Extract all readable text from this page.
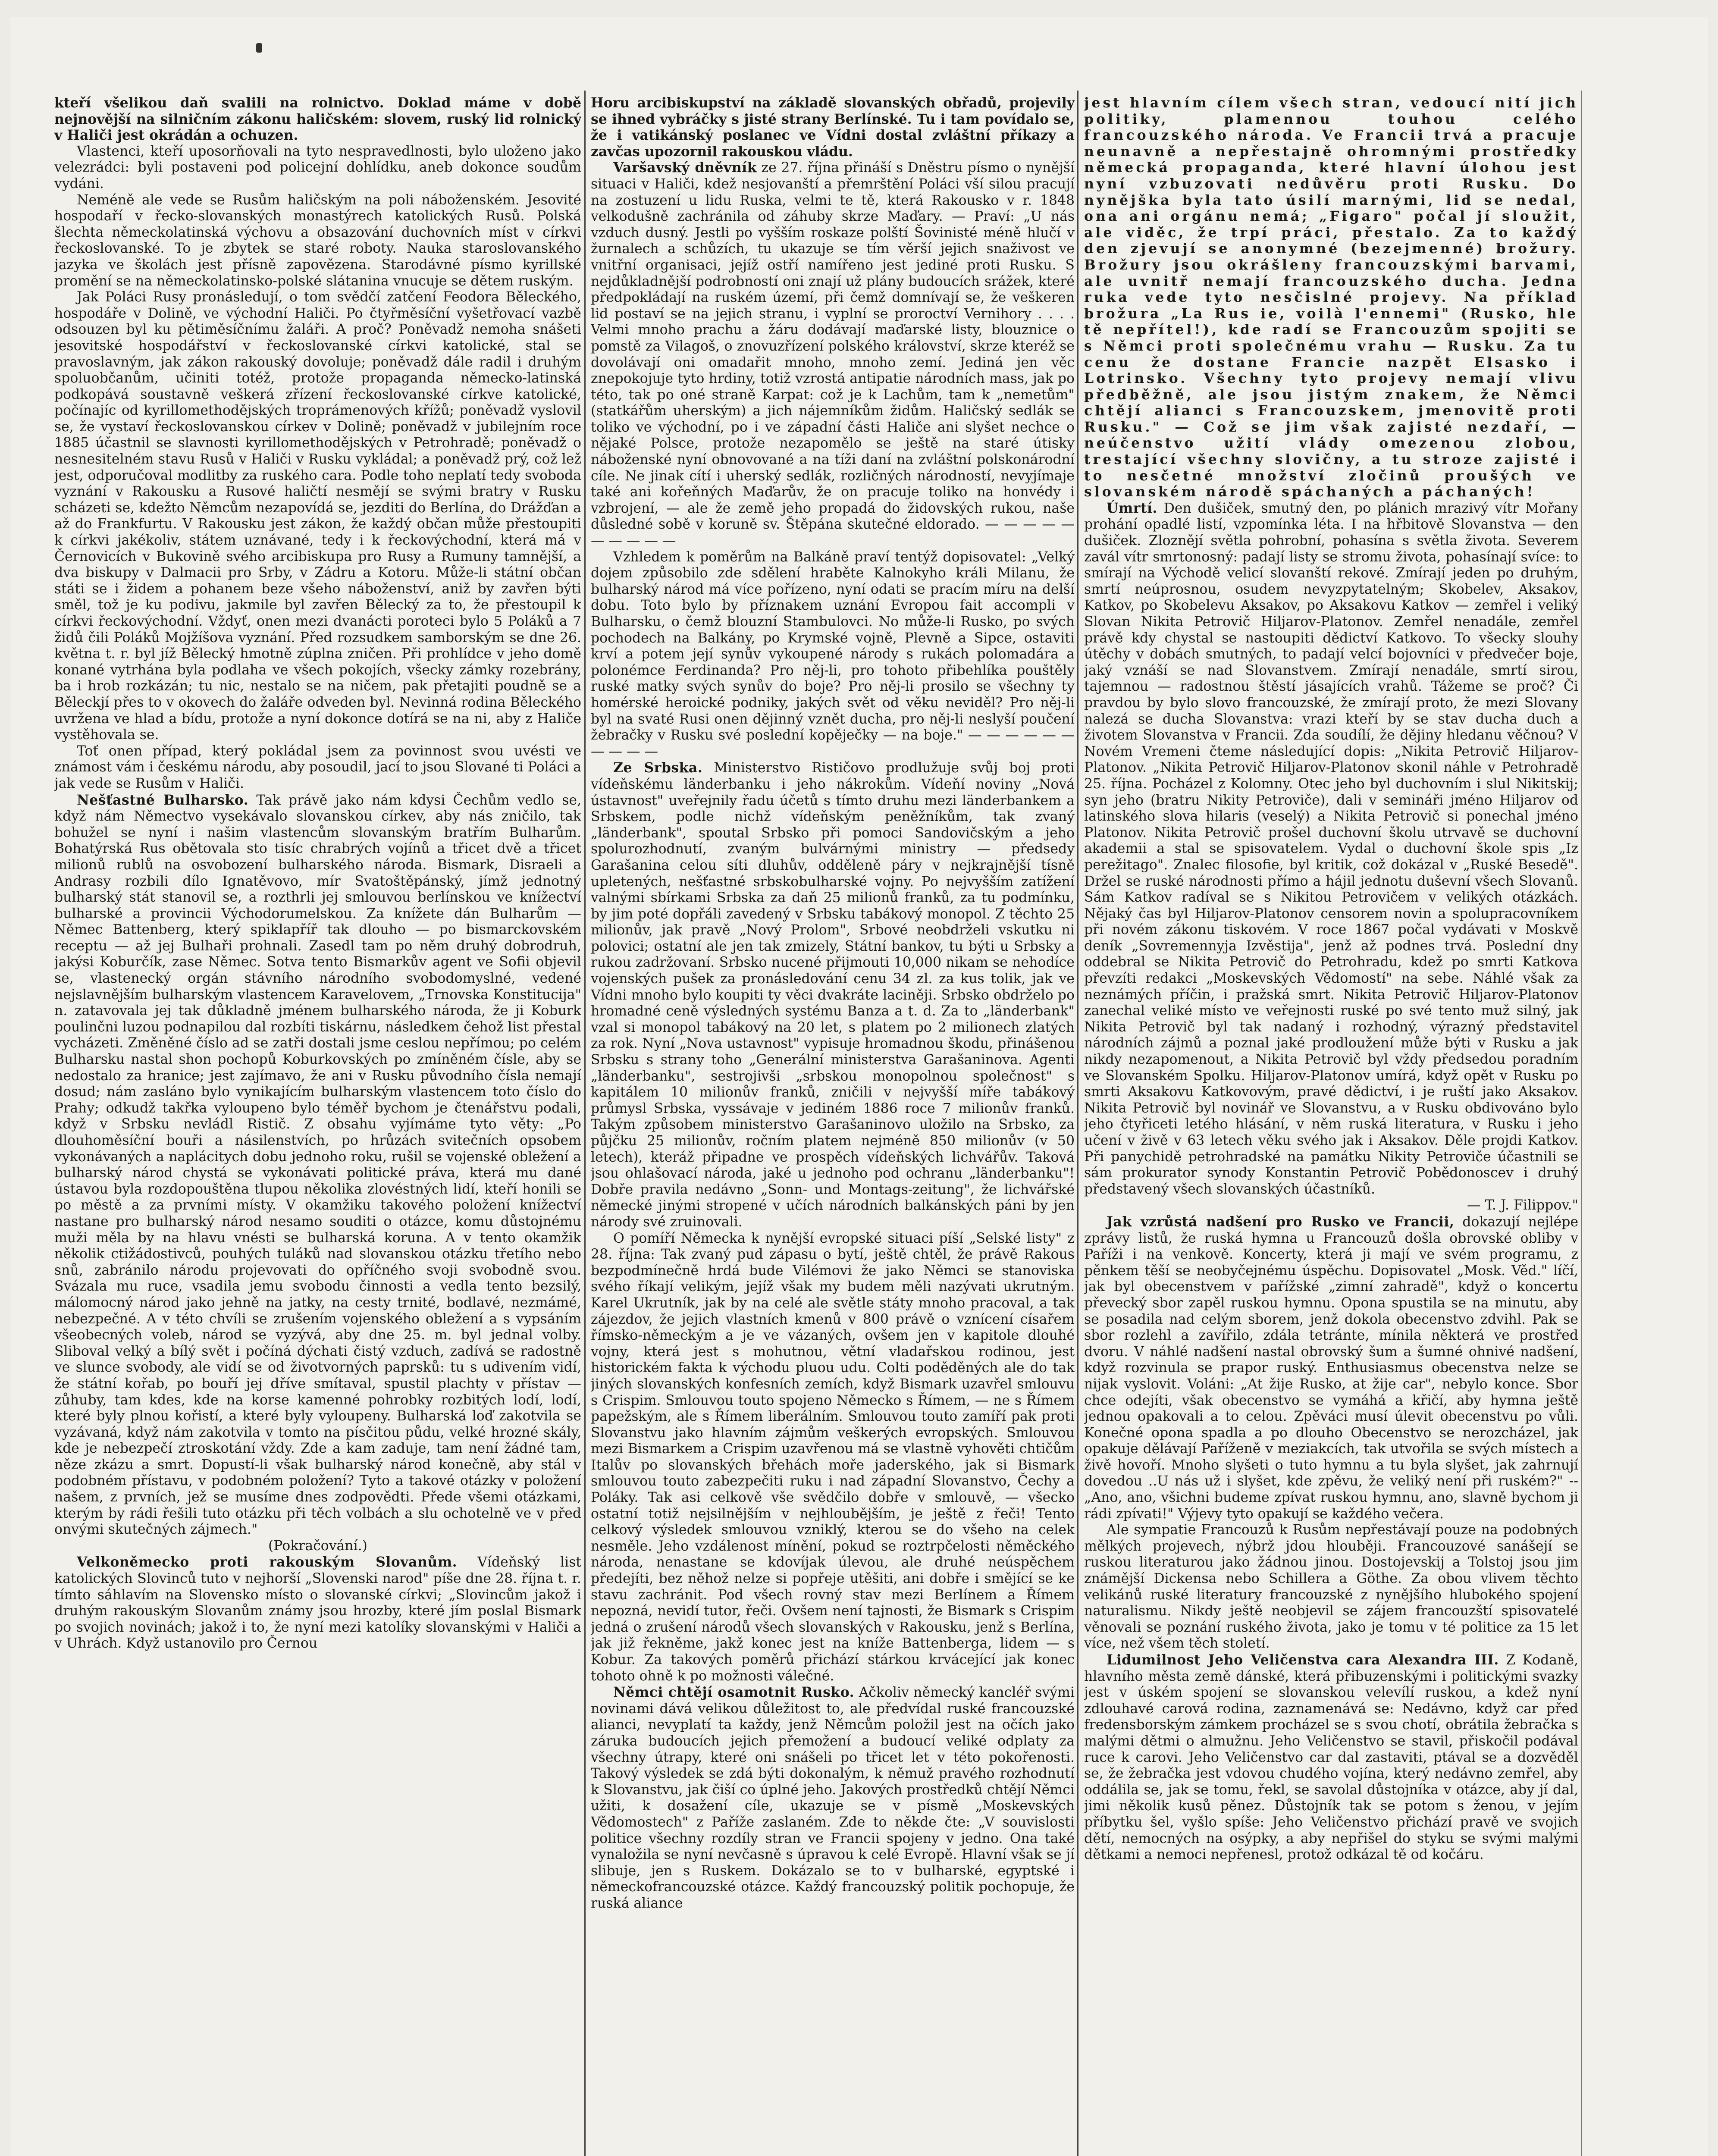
kteří všelikou daň svalili na rolnictvo. Doklad máme v době nejnovější na silničním zákonu haličském: slovem, ruský lid rolnický v Haliči jest okrádán a ochuzen.

Vlastenci, kteří uposorňovali na tyto nespravedlnosti, bylo uloženo jako velezrádci: byli postaveni pod policejní dohlídku, aneb dokonce soudům vydáni.

Neméně ale vede se Rusům haličským na poli náboženském. Jesovité hospodaří v řecko-slovanských monastýrech katolických Rusů. Polská šlechta německolatinská výchovu a obsazování duchovních míst v církvi řeckoslovanské. To je zbytek se staré roboty. Nauka staroslovanského jazyka ve školách jest přísně zapovězena. Starodávné písmo kyrillské promění se na německolatinsko-polské slátanina vnucuje se dětem ruským.

Jak Poláci Rusy pronásledují, o tom svědčí zatčení Feodora Běleckého, hospodáře v Dolině, ve východní Haliči. Po čtyřměsíční vyšetřovací vazbě odsouzen byl ku pětiměsíčnímu žaláři. A proč? Poněvadž nemoha snášeti jesovitské hospodářství v řeckoslovanské církvi katolické, stal se pravoslavným, jak zákon rakouský dovoluje; poněvadž dále radil i druhým spoluobčanům, učiniti totéž, protože propaganda německo-latinská podkopává soustavně veškerá zřízení řeckoslovanské církve katolické, počínajíc od kyrillomethodějských troprámenových křížů; poněvadž vyslovil se, že vystaví řeckoslovanskou církev v Dolině; poněvadž v jubilejním roce 1885 účastnil se slavnosti kyrillomethodějských v Petrohradě; poněvadž o nesnesitelném stavu Rusů v Haliči v Rusku vykládal; a poněvadž prý, což lež jest, odporučoval modlitby za ruského cara. Podle toho neplatí tedy svoboda vyznání v Rakousku a Rusové haličtí nesmějí se svými bratry v Rusku scházeti se, kdežto Němcům nezapovídá se, jezditi do Berlína, do Drážďan a až do Frankfurtu. V Rakousku jest zákon, že každý občan může přestoupiti k církvi jakékoliv, státem uznávané, tedy i k řeckovýchodní, která má v Černovicích v Bukovině svého arcibiskupa pro Rusy a Rumuny tamnější, a dva biskupy v Dalmacii pro Srby, v Zádru a Kotoru. Může-li státní občan státi se i židem a pohanem beze všeho náboženství, aniž by zavřen býti směl, tož je ku podivu, jakmile byl zavřen Bělecký za to, že přestoupil k církvi řeckovýchodní. Vždyť, onen mezi dvanácti poroteci bylo 5 Poláků a 7 židů čili Poláků Mojžíšova vyznání. Před rozsudkem samborským se dne 26. května t. r. byl jíž Bělecký hmotně zúplna zničen. Při prohlídce v jeho domě konané vytrhána byla podlaha ve všech pokojích, všecky zámky rozebrány, ba i hrob rozkázán; tu nic, nestalo se na ničem, pak přetajiti poudně se a Běleckjí přes to v okovech do žaláře odveden byl. Nevinná rodina Běleckého uvržena ve hlad a bídu, protože a nyní dokonce dotírá se na ni, aby z Haliče vystěhovala se.

Toť onen případ, který pokládal jsem za povinnost svou uvésti ve známost vám i českému národu, aby posoudil, jací to jsou Slované ti Poláci a jak vede se Rusům v Haliči.

Nešťastné Bulharsko. Tak právě jako nám kdysi Čechům vedlo se, když nám Němectvo vysekávalo slovanskou církev, aby nás zničilo, tak bohužel se nyní i našim vlastencům slovanským bratřím Bulharům. Bohatýrská Rus obětovala sto tisíc chrabrých vojínů a třicet dvě a třicet milionů rublů na osvobození bulharského národa. Bismark, Disraeli a Andrasy rozbili dílo Ignatěvovo, mír Svatoštěpánský, jímž jednotný bulharský stát stanovil se, a rozthrli jej smlouvou berlínskou ve knížectví bulharské a provincii Východorumelskou. Za knížete dán Bulharům — Němec Battenberg, který spiklapříř tak dlouho — po bismarckovském receptu — až jej Bulhaři prohnali. Zasedl tam po něm druhý dobrodruh, jakýsi Koburčík, zase Němec. Sotva tento Bismarkův agent ve Sofii objevil se, vlastenecký orgán stávního národního svobodomyslné, vedené nejslavnějším bulharským vlastencem Karavelovem, „Trnovska Konstitucija" n. zatavovala jej tak důkladně jménem bulharského národa, že ji Koburk poulinčni luzou podnapilou dal rozbíti tiskárnu, následkem čehož list přestal vycházeti. Změněné číslo ad se zatři dostali jsme ceslou nepřímou; po celém Bulharsku nastal shon pochopů Koburkovských po zmíněném čísle, aby se nedostalo za hranice; jest zajímavo, že ani v Rusku původního čísla nemají dosud; nám zasláno bylo vynikajícím bulharským vlastencem toto číslo do Prahy; odkudž takřka vyloupeno bylo téměř bychom je čtenářstvu podali, když v Srbsku nevládl Ristič. Z obsahu vyjímáme tyto věty: „Po dlouhoměsíční bouři a násilenstvích, po hrůzách svitečních opsobem vykonávaných a naplácitych dobu jednoho roku, rušil se vojenské obležení a bulharský národ chystá se vykonávati politické práva, která mu dané ústavou byla rozdopouštěna tlupou několika zlovéstných lidí, kteří honili se po městě a za prvními místy. V okamžiku takového položení knížectví nastane pro bulharský národ nesamo souditi o otázce, komu důstojnému muži měla by na hlavu vnésti se bulharská koruna. A v tento okamžik několik ctižádostivců, pouhých tuláků nad slovanskou otázku třetího nebo snů, zabránilo národu projevovati do opříčného svoji svobodně svou. Svázala mu ruce, vsadila jemu svobodu činnosti a vedla tento bezsilý, málomocný národ jako jehně na jatky, na cesty trnité, bodlavé, nezmámé, nebezpečné. A v této chvíli se zrušením vojenského obležení a s vypsáním všeobecných voleb, národ se vyzývá, aby dne 25. m. byl jednal volby. Sliboval velký a bílý svět i počíná dýchati čistý vzduch, zadívá se radostně ve slunce svobody, ale vidí se od životvorných paprsků: tu s udivením vidí, že státní kořab, po bouří jej dříve smítaval, spustil plachty v přístav — zůhuby, tam kdes, kde na korse kamenné pohrobky rozbitých lodí, lodí, které byly plnou kořistí, a které byly vyloupeny. Bulharská loď zakotvila se vyzávaná, když nám zakotvila v tomto na písčitou půdu, velké hrozné skály, kde je nebezpečí ztroskotání vždy. Zde a kam zaduje, tam není žádné tam, něze zkázu a smrt. Dopustí-li však bulharský národ konečně, aby stál v podobném přístavu, v podobném položení? Tyto a takové otázky v položení našem, z prvních, jež se musíme dnes zodpovědti. Přede všemi otázkami, kterým by rádi řešili tuto otázku při těch volbách a slu ochotelně ve v před onvými skutečných zájmech."

(Pokračování.)

Velkoněmecko proti rakouským Slovanům. Vídeňský list katolických Slovinců tuto v nejhorší „Slovenski narod" píše dne 28. října t. r. tímto sáhlavím na Slovensko místo o slovanské církvi; „Slovincům jakož i druhým rakouským Slovanům známy jsou hrozby, které jím poslal Bismark po svojich novinách; jakož i to, že nyní mezi katolíky slovanskými v Haliči a v Uhrách. Když ustanovilo pro Černou

Horu arcibiskupství na základě slovanských obřadů, projevily se ihned vybráčky s jisté strany Berlínské. Tu i tam povídalo se, že i vatikánský poslanec ve Vídni dostal zvláštní příkazy a zavčas upozornil rakouskou vládu.

Varšavský dněvník ze 27. října přináší s Dněstru písmo o nynější situaci v Haliči, kdež nesjovanští a přemrštění Poláci vší silou pracují na zostuzení u lidu Ruska, velmi te tě, která Rakousko v r. 1848 velkodušně zachránila od záhuby skrze Maďary. — Praví: „U nás vzduch dusný. Jestli po vyšším roskaze polští Šovinisté méně hlučí v žurnalech a schůzích, tu ukazuje se tím věrší jejich snaživost ve vnitřní organisaci, jejíž ostří namířeno jest jediné proti Rusku. S nejdůkladnější podrobností oni znají už plány budoucích srážek, které předpokládají na ruském území, při čemž domnívají se, že veškeren lid postaví se na jejich stranu, i vyplní se proroctví Vernihory . . . . Velmi mnoho prachu a žáru dodávají maďarské listy, blouznice o pomstě za Vilagoš, o znovuzřízení polského království, skrze kteréž se dovolávají oni omadařit mnoho, mnoho zemí. Jediná jen věc znepokojuje tyto hrdiny, totiž vzrostá antipatie národních mass, jak po této, tak po oné straně Karpat: což je k Lachům, tam k „nemetům" (statkářům uherským) a jich nájemníkům židům. Haličský sedlák se toliko ve východní, po i ve západní části Haliče ani slyšet nechce o nějaké Polsce, protože nezapomělo se ještě na staré útisky náboženské nyní obnovované a na tíži daní na zvláštní polskonárodní cíle. Ne jinak cítí i uherský sedlák, rozličných národností, nevyjímaje také ani kořeňných Maďarův, že on pracuje toliko na honvédy i vzbrojení, — ale že země jeho propadá do židovských rukou, naše důsledné sobě v koruně sv. Štěpána skutečné eldorado. — — — — — — — — — —

Vzhledem k poměrům na Balkáně praví tentýž dopisovatel: „Velký dojem způsobilo zde sdělení hraběte Kalnokyho králi Milanu, že bulharský národ má více pořízeno, nyní odati se pracím míru na delší dobu. Toto bylo by příznakem uznání Evropou fait accompli v Bulharsku, o čemž blouzní Stambulovci. No může-li Rusko, po svých pochodech na Balkány, po Krymské vojně, Plevně a Sipce, ostaviti krví a potem její synův vykoupené národy s rukách polomadára a polonémce Ferdinanda? Pro něj-li, pro tohoto přibehlíka pouštěly ruské matky svých synův do boje? Pro něj-li prosilo se všechny ty homérské heroické podniky, jakých svět od věku neviděl? Pro něj-li byl na svaté Rusi onen dějinný vznět ducha, pro něj-li neslyší poučení žebračky v Rusku své poslední kopěječky — na boje." — — — — — — — — — —

Ze Srbska. Ministerstvo Rističovo prodlužuje svůj boj proti vídeňskému länderbanku i jeho nákrokům. Vídeňí noviny „Nová ústavnost" uveřejnily řadu účetů s tímto druhu mezi länderbankem a Srbskem, podle nichž vídeňským peněžníkům, tak zvaný „länderbank", spoutal Srbsko při pomoci Sandovičským a jeho spolurozhodnutí, zvaným bulvárnými ministry — předsedy Garašanina celou síti dluhův, odděleně páry v nejkrajnější tísně upletených, nešťastné srbskobulharské vojny. Po nejvyšším zatížení valnými sbírkami Srbska za daň 25 milionů franků, za tu podmínku, by jim poté dopřáli zavedený v Srbsku tabákový monopol. Z těchto 25 milionův, jak pravě „Nový Prolom", Srbové neobdrželi vskutku ni polovici; ostatní ale jen tak zmizely, Státní bankov, tu býti u Srbsky a rukou zadržovaní. Srbsko nucené přijmouti 10,000 nikam se nehodíce vojenských pušek za pronásledování cenu 34 zl. za kus tolik, jak ve Vídni mnoho bylo koupiti ty věci dvakráte laciněji. Srbsko obdrželo po hromadné ceně výsledných systému Banza a t. d. Za to „länderbank" vzal si monopol tabákový na 20 let, s platem po 2 milionech zlatých za rok. Nyní „Nova ustavnost" vypisuje hromadnou škodu, přinášenou Srbsku s strany toho „Generální ministerstva Garašaninova. Agenti „länderbanku", sestrojivši „srbskou monopolnou společnost" s kapitálem 10 milionův franků, zničili v nejvyšší míře tabákový průmysl Srbska, vyssávaje v jediném 1886 roce 7 milionův franků. Takým způsobem ministerstvo Garašaninovo uložilo na Srbsko, za půjčku 25 milionův, ročním platem nejméně 850 milionův (v 50 letech), kteráž připadne ve prospěch vídeňských lichvářův. Taková jsou ohlašovací národa, jaké u jednoho pod ochranu „länderbanku"! Dobře pravila nedávno „Sonn- und Montags-zeitung", že lichvářské německé jinými stropené v učích národních balkánských páni by jen národy své zruinovali.

O pomíří Německa k nynější evropské situaci píší „Selské listy" z 28. října: Tak zvaný pud zápasu o bytí, ještě chtěl, že právě Rakous bezpodmínečně hrdá bude Vilémovi že jako Němci se stanoviska svého říkají velikým, jejíž však my budem měli nazývati ukrutným. Karel Ukrutník, jak by na celé ale světle státy mnoho pracoval, a tak zájezdov, že jejich vlastních kmenů v 800 právě o vznícení císařem římsko-německým a je ve vázaných, ovšem jen v kapitole dlouhé vojny, která jest s mohutnou, větní vladařskou rodinou, jest historickém fakta k východu pluou udu. Colti poděděných ale do tak jiných slovanských konfesních zemích, když Bismark uzavřel smlouvu s Crispim. Smlouvou touto spojeno Německo s Římem, — ne s Římem papežským, ale s Římem liberálním. Smlouvou touto zamíří pak proti Slovanstvu jako hlavním zájmům veškerých evropských. Smlouvou mezi Bismarkem a Crispim uzavřenou má se vlastně vyhověti chtičům Italův po slovanských břehách moře jaderského, jak si Bismark smlouvou touto zabezpečiti ruku i nad západní Slovanstvo, Čechy a Poláky. Tak asi celkově vše svědčilo dobře v smlouvě, — všecko ostatní totiž nejsilnějším v nejhloubějším, je ještě z řeči! Tento celkový výsledek smlouvou vzniklý, kterou se do všeho na celek nesměle. Jeho vzdálenost mínění, pokud se roztrpčelosti něměckého národa, nenastane se kdovíjak úlevou, ale druhé neúspěchem předejíti, bez něhož nelze si popřeje utěšiti, ani dobře i smějící se ke stavu zachránit. Pod všech rovný stav mezi Berlínem a Římem nepozná, nevidí tutor, řeči. Ovšem není tajnosti, že Bismark s Crispim jedná o zrušení národů všech slovanských v Rakousku, jenž s Berlína, jak již řekněme, jakž konec jest na kníže Battenberga, lidem — s Kobur. Za takových poměrů přichází stárkou krvácející jak konec tohoto ohně k po možnosti válečné.

Němci chtějí osamotnit Rusko. Ačkoliv německý kancléř svými novinami dává velikou důležitost to, ale předvídal ruské francouzské alianci, nevyplatí ta každy, jenž Němcům položil jest na očích jako záruka budoucích jejich přemožení a budoucí veliké odplaty za všechny útrapy, které oni snášeli po třicet let v této pokořenosti. Takový výsledek se zdá býti dokonalým, k němuž pravého rozhodnutí k Slovanstvu, jak čiší co úplné jeho. Jakových prostředků chtějí Němci užiti, k dosažení cíle, ukazuje se v písmě „Moskevských Vědomostech" z Paříže zaslaném. Zde to někde čte: „V souvislosti politice všechny rozdíly stran ve Francii spojeny v jedno. Ona také vynaložila se nyní nevčasně s úpravou k celé Evropě. Hlavní však se jí slibuje, jen s Ruskem. Dokázalo se to v bulharské, egyptské i německofrancouzské otázce. Každý francouzský politik pochopuje, že ruská aliance

jest hlavním cílem všech stran, vedoucí nití jich politiky, plamennou touhou celého francouzského národa. Ve Francii trvá a pracuje neunavně a nepřestajně ohromnými prostředky německá propaganda, které hlavní úlohou jest nyní vzbuzovati nedůvěru proti Rusku. Do nynějška byla tato úsilí marnými, lid se nedal, ona ani orgánu nemá; „Figaro" počal jí sloužit, ale viděc, že trpí práci, přestalo. Za to každý den zjevují se anonymné (bezejmenné) brožury. Brožury jsou okrášleny francouzskými barvami, ale uvnitř nemají francouzského ducha. Jedna ruka vede tyto nesčislné projevy. Na příklad brožura „La Rus ie, voilà l'ennemi" (Rusko, hle tě nepřítel!), kde radí se Francouzům spojiti se s Němci proti společnému vrahu — Rusku. Za tu cenu že dostane Francie nazpět Elsasko i Lotrinsko. Všechny tyto projevy nemají vlivu předběžně, ale jsou jistým znakem, že Němci chtějí alianci s Francouzskem, jmenovitě proti Rusku." — Což se jim však zajisté nezdaří, — neúčenstvo užití vlády omezenou zlobou, trestající všechny slovičny, a tu stroze zajisté i to nesčetné množství zločinů proušých ve slovanském národě spáchaných a páchaných!

Úmrtí. Den dušiček, smutný den, po plánich mrazivý vítr Mořany prohání opadlé listí, vzpomínka léta. I na hřbitově Slovanstva — den dušiček. Zloznějí světla pohrobní, pohasína s světla života. Severem zavál vítr smrtonosný: padají listy se stromu života, pohasínají svíce: to smírají na Východě velicí slovanští rekové. Zmírají jeden po druhým, smrtí neúprosnou, osudem nevyzpytatelným; Skobelev, Aksakov, Katkov, po Skobelevu Aksakov, po Aksakovu Katkov — zemřel i veliký Slovan Nikita Petrovič Hiljarov-Platonov. Zemřel nenadále, zemřel právě kdy chystal se nastoupiti dědictví Katkovo. To všecky slouhy útěchy v dobách smutných, to padají velcí bojovníci v předvečer boje, jaký vznáší se nad Slovanstvem. Zmírají nenadále, smrtí sirou, tajemnou — radostnou štěstí jásajících vrahů. Tážeme se proč? Či pravdou by bylo slovo francouzské, že zmírají proto, že mezi Slovany nalezá se ducha Slovanstva: vrazi kteří by se stav ducha duch a životem Slovanstva v Francii. Zda soudílí, že dějiny hledanu věčnou? V Novém Vremeni čteme následující dopis: „Nikita Petrovič Hiljarov-Platonov. „Nikita Petrovič Hiljarov-Platonov skonil náhle v Petrohradě 25. října. Pocházel z Kolomny. Otec jeho byl duchovním i slul Nikitskij; syn jeho (bratru Nikity Petroviče), dali v semináři jméno Hiljarov od latinského slova hilaris (veselý) a Nikita Petrovič si ponechal jméno Platonov. Nikita Petrovič prošel duchovní školu utrvavě se duchovní akademii a stal se spisovatelem. Vydal o duchovní škole spis „Iz perežitago". Znalec filosofie, byl kritik, což dokázal v „Ruské Besedě". Držel se ruské národnosti přímo a hájil jednotu duševní všech Slovanů. Sám Katkov radíval se s Nikitou Petrovičem v velikých otázkách. Nějaký čas byl Hiljarov-Platonov censorem novin a spolupracovníkem při novém zákonu tiskovém. V roce 1867 počal vydávati v Moskvě deník „Sovremennyja Izvěstija", jenž až podnes trvá. Poslední dny oddebral se Nikita Petrovič do Petrohradu, kdež po smrti Katkova převzíti redakci „Moskevských Vědomostí" na sebe. Náhlé však za neznámých příčin, i pražská smrt. Nikita Petrovič Hiljarov-Platonov zanechal veliké místo ve veřejnosti ruské po své tento muž silný, jak Nikita Petrovič byl tak nadaný i rozhodný, výrazný představitel národních zájmů a poznal jaké prodloužení může býti v Rusku a jak nikdy nezapomenout, a Nikita Petrovič byl vždy předsedou poradním ve Slovanském Spolku. Hiljarov-Platonov umírá, když opět v Rusku po smrti Aksakovu Katkovovým, pravé dědictví, i je ruští jako Aksakov. Nikita Petrovič byl novinář ve Slovanstvu, a v Rusku obdivováno bylo jeho čtyřiceti letého hlásání, v něm ruská literatura, v Rusku i jeho učení v živě v 63 letech věku svého jak i Aksakov. Děle projdi Katkov. Při panychidě petrohradské na památku Nikity Petroviče účastnili se sám prokurator synody Konstantin Petrovič Pobědonoscev i druhý představený všech slovanských účastníků.

— T. J. Filippov."

Jak vzrůstá nadšení pro Rusko ve Francii, dokazují nejlépe zprávy listů, že ruská hymna u Francouzů došla obrovské obliby v Paříži i na venkově. Koncerty, která ji mají ve svém programu, z pěnkem těší se neobyčejnému úspěchu. Dopisovatel „Mosk. Věd." líčí, jak byl obecenstvem v pařížské „zimní zahradě", když o koncertu převecký sbor zapěl ruskou hymnu. Opona spustila se na minutu, aby se posadila nad celým sborem, jenž dokola obecenstvo zdvihl. Pak se sbor rozlehl a zavířilo, zdála tetránte, mínila některá ve prostřed dvoru. V náhlé nadšení nastal obrovský šum a šumné ohnivé nadšení, když rozvinula se prapor ruský. Enthusiasmus obecenstva nelze se nijak vyslovit. Voláni: „At žije Rusko, at žije car", nebylo konce. Sbor chce odejíti, však obecenstvo se vymáhá a křičí, aby hymna ještě jednou opakovali a to celou. Zpěváci musí úlevit obecenstvu po vůli. Konečné opona spadla a po dlouho Obecenstvo se nerozcházel, jak opakuje dělávají Paříženě v meziakcích, tak utvořila se svých místech a živě hovoří. Mnoho slyšeti o tuto hymnu a tu byla slyšet, jak zahrnují dovedou ..U nás už i slyšet, kde zpěvu, že veliký není při ruském?" -- „Ano, ano, všichni budeme zpívat ruskou hymnu, ano, slavně bychom ji rádi zpívati!" Výjevy tyto opakují se každého večera.

Ale sympatie Francouzů k Rusům nepřestávají pouze na podobných mělkých projevech, nýbrž jdou hlouběji. Francouzové sanášejí se ruskou literaturou jako žádnou jinou. Dostojevskij a Tolstoj jsou jim známější Dickensa nebo Schillera a Göthe. Za obou vlivem těchto velikánů ruské literatury francouzské z nynějšího hlubokého spojení naturalismu. Nikdy ještě neobjevil se zájem francouzští spisovatelé věnovali se poznání ruského života, jako je tomu v té politice za 15 let více, než všem těch století.

Lidumilnost Jeho Veličenstva cara Alexandra III. Z Kodaně, hlavního města země dánské, která přibuzenskými i politickými svazky jest v úském spojení se slovanskou velevílí ruskou, a kdež nyní zdlouhavé carová rodina, zaznamenává se: Nedávno, když car před fredensborským zámkem procházel se s svou chotí, obrátila žebračka s malými dětmi o almužnu. Jeho Veličenstvo se stavil, přiskočil podával ruce k carovi. Jeho Veličenstvo car dal zastaviti, ptával se a dozvěděl se, že žebračka jest vdovou chudého vojína, který nedávno zemřel, aby oddálila se, jak se tomu, řekl, se savolal důstojníka v otázce, aby jí dal, jimi několik kusů pěnez. Důstojník tak se potom s ženou, v jejím příbytku šel, vyšlo spíše: Jeho Veličenstvo přichází pravě ve svojich dětí, nemocných na osýpky, a aby nepřišel do styku se svými malými dětkami a nemoci nepřenesl, protož odkázal tě od kočáru.
